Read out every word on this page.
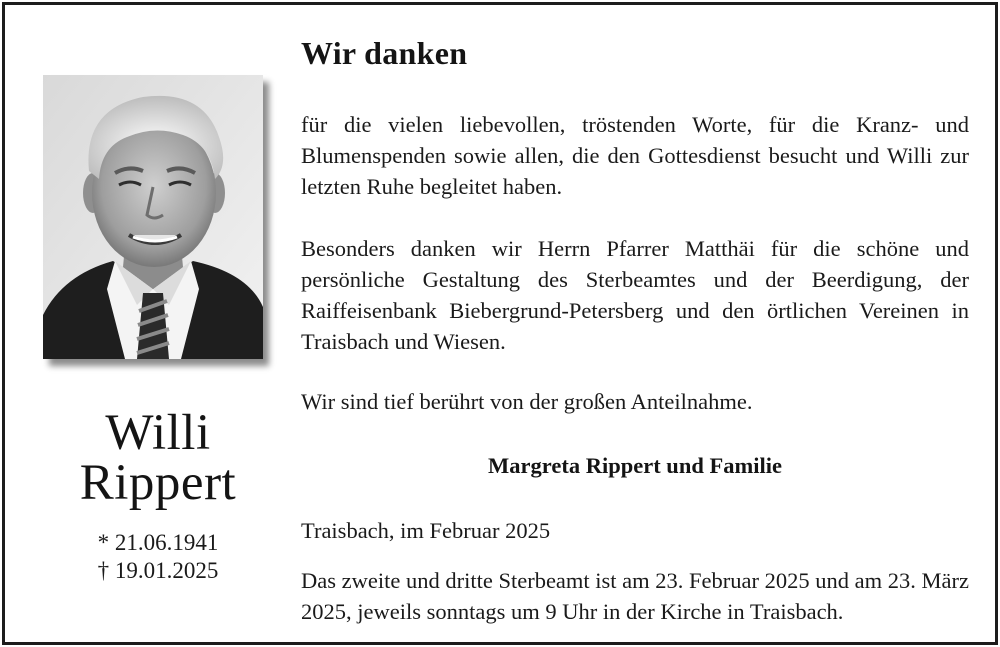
Willi
Rippert
* 21.06.1941
† 19.01.2025
Wir danken

für die vielen liebevollen, tröstenden Worte, für die Kranz- und Blumenspenden sowie allen, die den Gottesdienst besucht und Willi zur letzten Ruhe begleitet haben.

Besonders danken wir Herrn Pfarrer Matthäi für die schöne und persönliche Gestaltung des Sterbeamtes und der Beerdigung, der Raiffeisenbank Biebergrund-Petersberg und den örtlichen Vereinen in Traisbach und Wiesen.

Wir sind tief berührt von der großen Anteilnahme.

Margreta Rippert und Familie
Traisbach, im Februar 2025

Das zweite und dritte Sterbeamt ist am 23. Februar 2025 und am 23. März 2025, jeweils sonntags um 9 Uhr in der Kirche in Traisbach.
